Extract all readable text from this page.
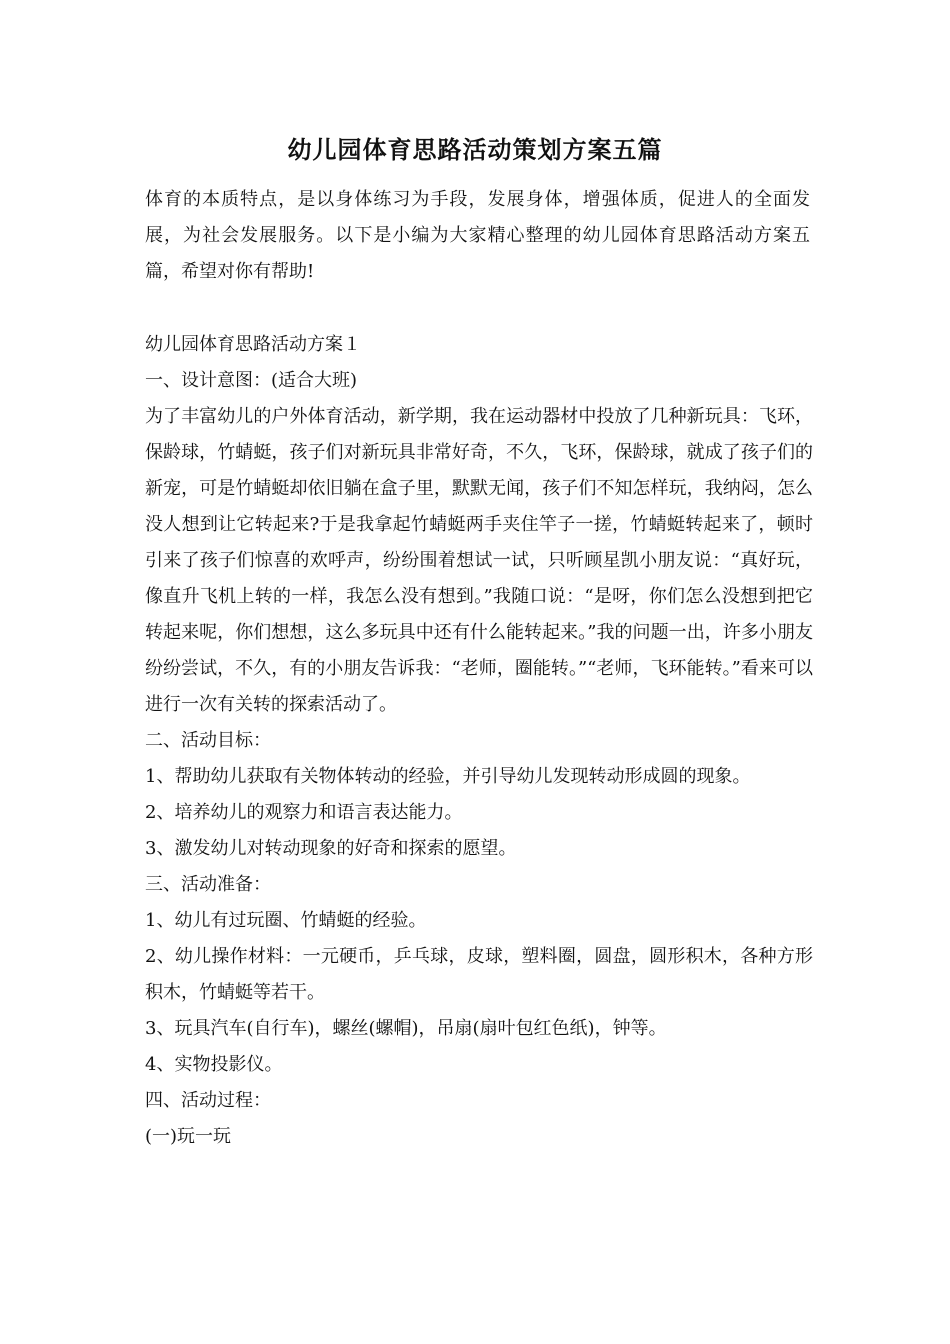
幼儿园体育思路活动策划方案五篇
体育的本质特点，是以身体练习为手段，发展身体，增强体质，促进人的全面发展，为社会发展服务。以下是小编为大家精心整理的幼儿园体育思路活动方案五篇，希望对你有帮助!

幼儿园体育思路活动方案１

一、设计意图：(适合大班)

为了丰富幼儿的户外体育活动，新学期，我在运动器材中投放了几种新玩具：飞环，保龄球，竹蜻蜓，孩子们对新玩具非常好奇，不久，飞环，保龄球，就成了孩子们的新宠，可是竹蜻蜓却依旧躺在盒子里，默默无闻，孩子们不知怎样玩，我纳闷，怎么没人想到让它转起来?于是我拿起竹蜻蜓两手夹住竿子一搓，竹蜻蜓转起来了，顿时引来了孩子们惊喜的欢呼声，纷纷围着想试一试，只听顾星凯小朋友说：“真好玩，像直升飞机上转的一样，我怎么没有想到。”我随口说：“是呀，你们怎么没想到把它转起来呢，你们想想，这么多玩具中还有什么能转起来。”我的问题一出，许多小朋友纷纷尝试，不久，有的小朋友告诉我：“老师，圈能转。”“老师，飞环能转。”看来可以进行一次有关转的探索活动了。

二、活动目标：

1、帮助幼儿获取有关物体转动的经验，并引导幼儿发现转动形成圆的现象。

2、培养幼儿的观察力和语言表达能力。

3、激发幼儿对转动现象的好奇和探索的愿望。

三、活动准备：

1、幼儿有过玩圈、竹蜻蜓的经验。

2、幼儿操作材料：一元硬币，乒乓球，皮球，塑料圈，圆盘，圆形积木，各种方形积木，竹蜻蜓等若干。

3、玩具汽车(自行车)，螺丝(螺帽)，吊扇(扇叶包红色纸)，钟等。

4、实物投影仪。

四、活动过程：

(一)玩一玩
